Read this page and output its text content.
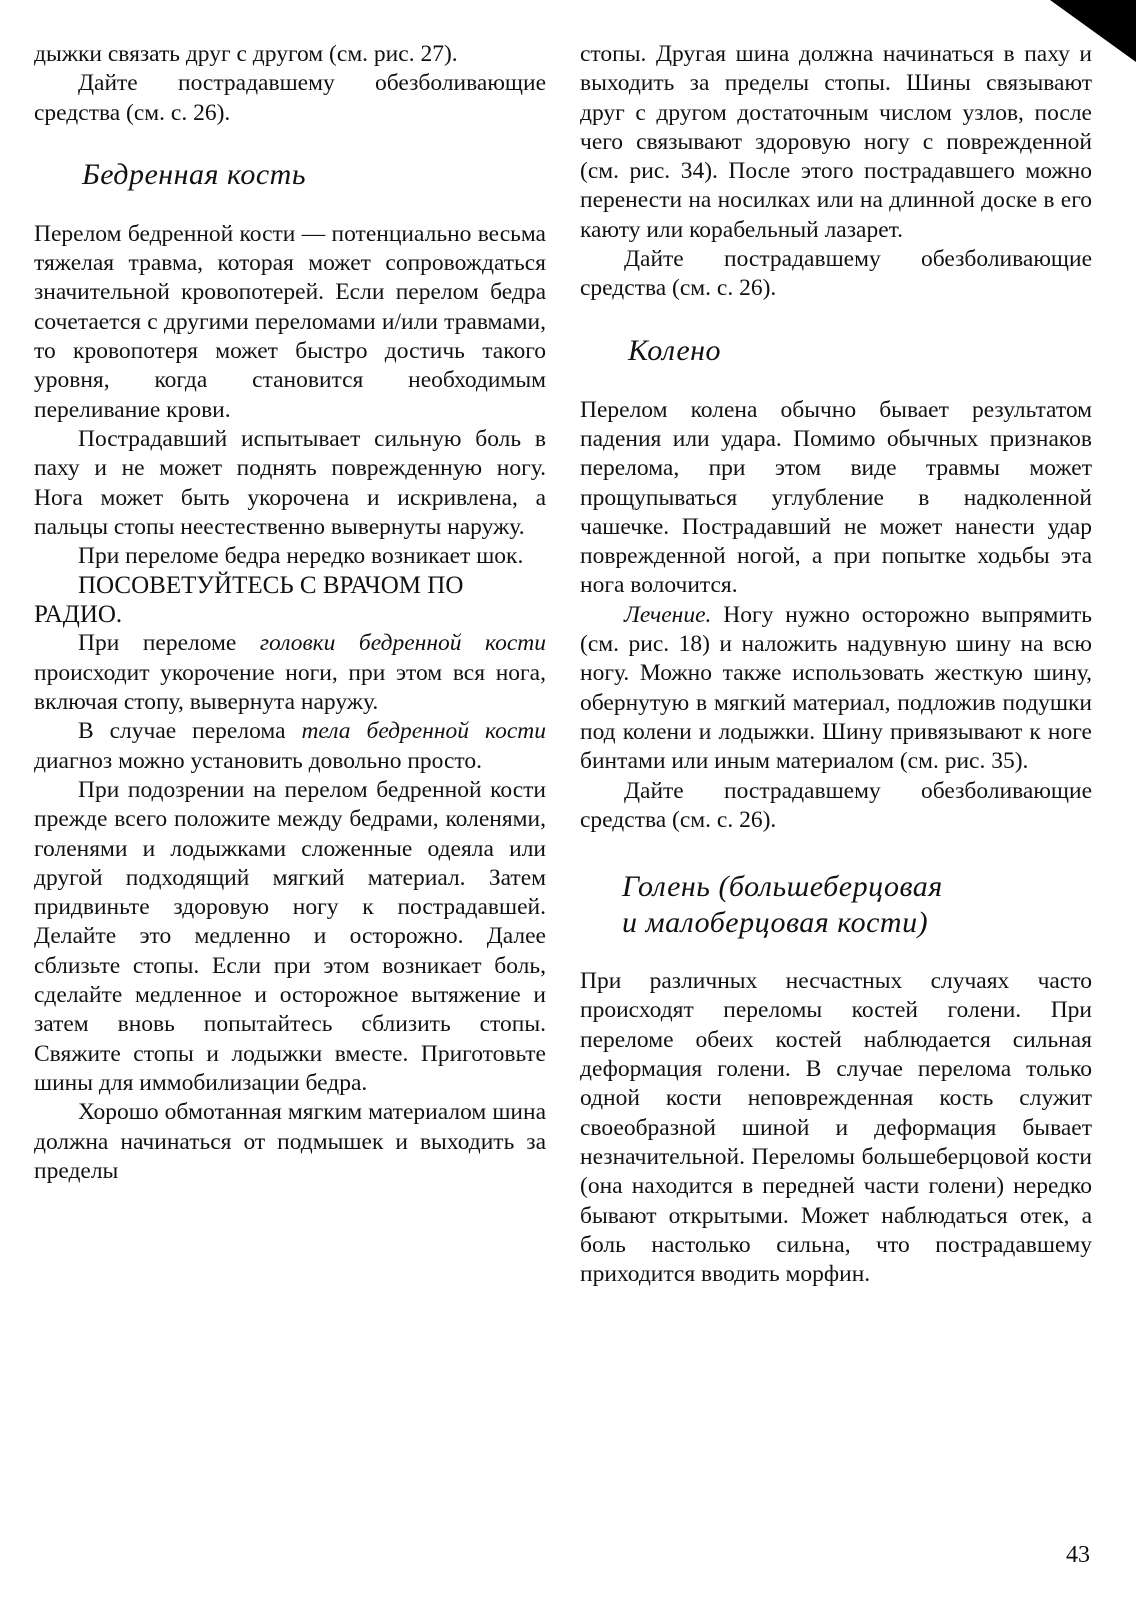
дыжки связать друг с другом (см. рис. 27).

Дайте пострадавшему обезболивающие средства (см. с. 26).

Бедренная кость

Перелом бедренной кости — потенциально весьма тяжелая травма, которая может сопровождаться значительной кровопотерей. Если перелом бедра сочетается с другими переломами и/или травмами, то кровопотеря может быстро достичь такого уровня, когда становится необходимым переливание крови.

Пострадавший испытывает сильную боль в паху и не может поднять поврежденную ногу. Нога может быть укорочена и искривлена, а пальцы стопы неестественно вывернуты наружу.

При переломе бедра нередко возникает шок.

ПОСОВЕТУЙТЕСЬ С ВРАЧОМ ПО РАДИО.

При переломе головки бедренной кости происходит укорочение ноги, при этом вся нога, включая стопу, вывернута наружу.

В случае перелома тела бедренной кости диагноз можно установить довольно просто.

При подозрении на перелом бедренной кости прежде всего положите между бедрами, коленями, голенями и лодыжками сложенные одеяла или другой подходящий мягкий материал. Затем придвиньте здоровую ногу к пострадавшей. Делайте это медленно и осторожно. Далее сблизьте стопы. Если при этом возникает боль, сделайте медленное и осторожное вытяжение и затем вновь попытайтесь сблизить стопы. Свяжите стопы и лодыжки вместе. Приготовьте шины для иммобилизации бедра.

Хорошо обмотанная мягким материалом шина должна начинаться от подмышек и выходить за пределы

стопы. Другая шина должна начинаться в паху и выходить за пределы стопы. Шины связывают друг с другом достаточным числом узлов, после чего связывают здоровую ногу с поврежденной (см. рис. 34). После этого пострадавшего можно перенести на носилках или на длинной доске в его каюту или корабельный лазарет.

Дайте пострадавшему обезболивающие средства (см. с. 26).

Колено

Перелом колена обычно бывает результатом падения или удара. Помимо обычных признаков перелома, при этом виде травмы может прощупываться углубление в надколенной чашечке. Пострадавший не может нанести удар поврежденной ногой, а при попытке ходьбы эта нога волочится.

Лечение. Ногу нужно осторожно выпрямить (см. рис. 18) и наложить надувную шину на всю ногу. Можно также использовать жесткую шину, обернутую в мягкий материал, подложив подушки под колени и лодыжки. Шину привязывают к ноге бинтами или иным материалом (см. рис. 35).

Дайте пострадавшему обезболивающие средства (см. с. 26).

Голень (большеберцовая
и малоберцовая кости)

При различных несчастных случаях часто происходят переломы костей голени. При переломе обеих костей наблюдается сильная деформация голени. В случае перелома только одной кости неповрежденная кость служит своеобразной шиной и деформация бывает незначительной. Переломы большеберцовой кости (она находится в передней части голени) нередко бывают открытыми. Может наблюдаться отек, а боль настолько сильна, что пострадавшему приходится вводить морфин.

43
